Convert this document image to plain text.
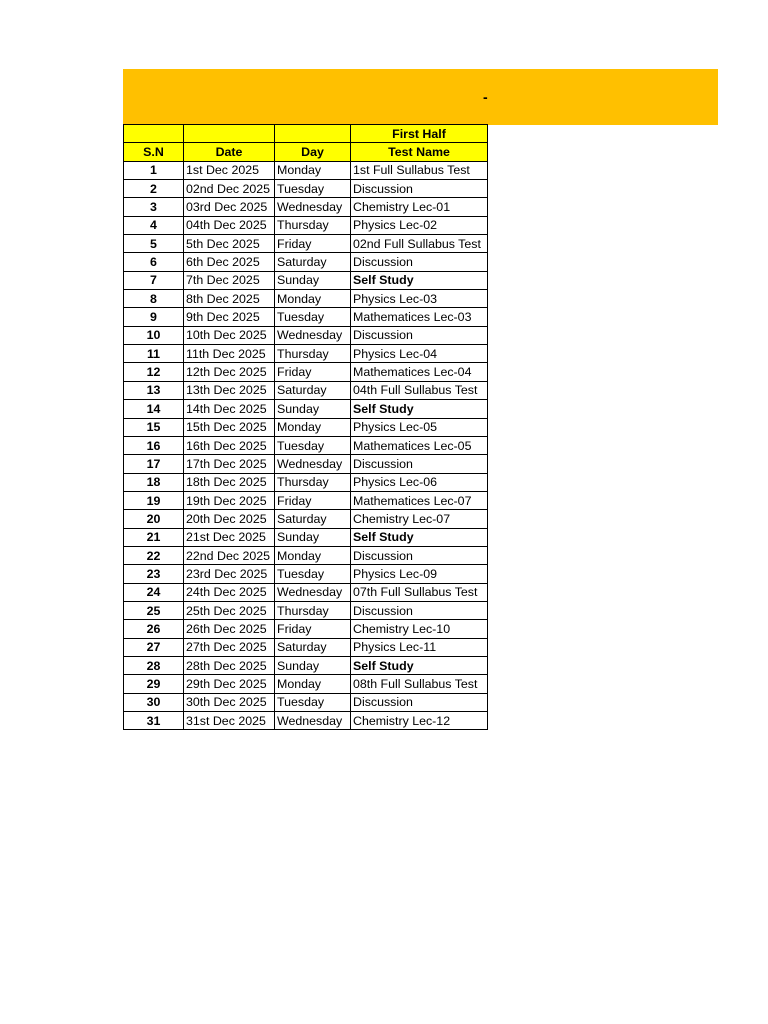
-
			First Half
S.N	Date	Day	Test Name
1	1st Dec 2025	Monday	1st Full Sullabus Test
2	02nd Dec 2025	Tuesday	Discussion
3	03rd Dec 2025	Wednesday	Chemistry Lec-01
4	04th Dec 2025	Thursday	Physics Lec-02
5	5th Dec 2025	Friday	02nd Full Sullabus Test
6	6th Dec 2025	Saturday	Discussion
7	7th Dec 2025	Sunday	Self Study
8	8th Dec 2025	Monday	Physics Lec-03
9	9th Dec 2025	Tuesday	Mathematices Lec-03
10	10th Dec 2025	Wednesday	Discussion
11	11th Dec 2025	Thursday	Physics Lec-04
12	12th Dec 2025	Friday	Mathematices Lec-04
13	13th Dec 2025	Saturday	04th Full Sullabus Test
14	14th Dec 2025	Sunday	Self Study
15	15th Dec 2025	Monday	Physics Lec-05
16	16th Dec 2025	Tuesday	Mathematices Lec-05
17	17th Dec 2025	Wednesday	Discussion
18	18th Dec 2025	Thursday	Physics Lec-06
19	19th Dec 2025	Friday	Mathematices Lec-07
20	20th Dec 2025	Saturday	Chemistry Lec-07
21	21st Dec 2025	Sunday	Self Study
22	22nd Dec 2025	Monday	Discussion
23	23rd Dec 2025	Tuesday	Physics Lec-09
24	24th Dec 2025	Wednesday	07th Full Sullabus Test
25	25th Dec 2025	Thursday	Discussion
26	26th Dec 2025	Friday	Chemistry Lec-10
27	27th Dec 2025	Saturday	Physics Lec-11
28	28th Dec 2025	Sunday	Self Study
29	29th Dec 2025	Monday	08th Full Sullabus Test
30	30th Dec 2025	Tuesday	Discussion
31	31st Dec 2025	Wednesday	Chemistry Lec-12
